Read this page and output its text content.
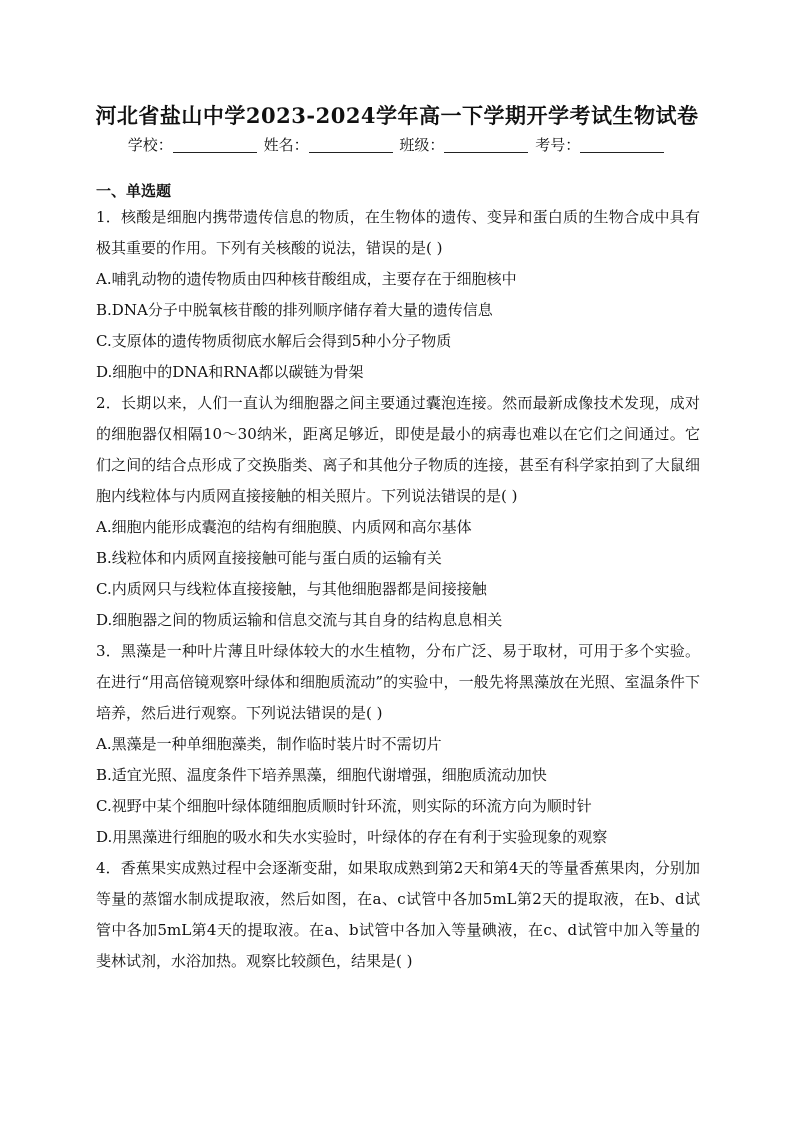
河北省盐山中学2023-2024学年高一下学期开学考试生物试卷
学校：	姓名：	班级：	考号：
一、单选题

1．核酸是细胞内携带遗传信息的物质，在生物体的遗传、变异和蛋白质的生物合成中具有极其重要的作用。下列有关核酸的说法，错误的是( )

A.哺乳动物的遗传物质由四种核苷酸组成，主要存在于细胞核中

B.DNA分子中脱氧核苷酸的排列顺序储存着大量的遗传信息

C.支原体的遗传物质彻底水解后会得到5种小分子物质

D.细胞中的DNA和RNA都以碳链为骨架

2．长期以来，人们一直认为细胞器之间主要通过囊泡连接。然而最新成像技术发现，成对的细胞器仅相隔10～30纳米，距离足够近，即使是最小的病毒也难以在它们之间通过。它们之间的结合点形成了交换脂类、离子和其他分子物质的连接，甚至有科学家拍到了大鼠细胞内线粒体与内质网直接接触的相关照片。下列说法错误的是( )

A.细胞内能形成囊泡的结构有细胞膜、内质网和高尔基体

B.线粒体和内质网直接接触可能与蛋白质的运输有关

C.内质网只与线粒体直接接触，与其他细胞器都是间接接触

D.细胞器之间的物质运输和信息交流与其自身的结构息息相关

3．黑藻是一种叶片薄且叶绿体较大的水生植物，分布广泛、易于取材，可用于多个实验。在进行“用高倍镜观察叶绿体和细胞质流动”的实验中，一般先将黑藻放在光照、室温条件下培养，然后进行观察。下列说法错误的是( )

A.黑藻是一种单细胞藻类，制作临时装片时不需切片

B.适宜光照、温度条件下培养黑藻，细胞代谢增强，细胞质流动加快

C.视野中某个细胞叶绿体随细胞质顺时针环流，则实际的环流方向为顺时针

D.用黑藻进行细胞的吸水和失水实验时，叶绿体的存在有利于实验现象的观察

4．香蕉果实成熟过程中会逐渐变甜，如果取成熟到第2天和第4天的等量香蕉果肉，分别加等量的蒸馏水制成提取液，然后如图，在a、c试管中各加5mL第2天的提取液，在b、d试管中各加5mL第4天的提取液。在a、b试管中各加入等量碘液，在c、d试管中加入等量的斐林试剂，水浴加热。观察比较颜色，结果是( )
